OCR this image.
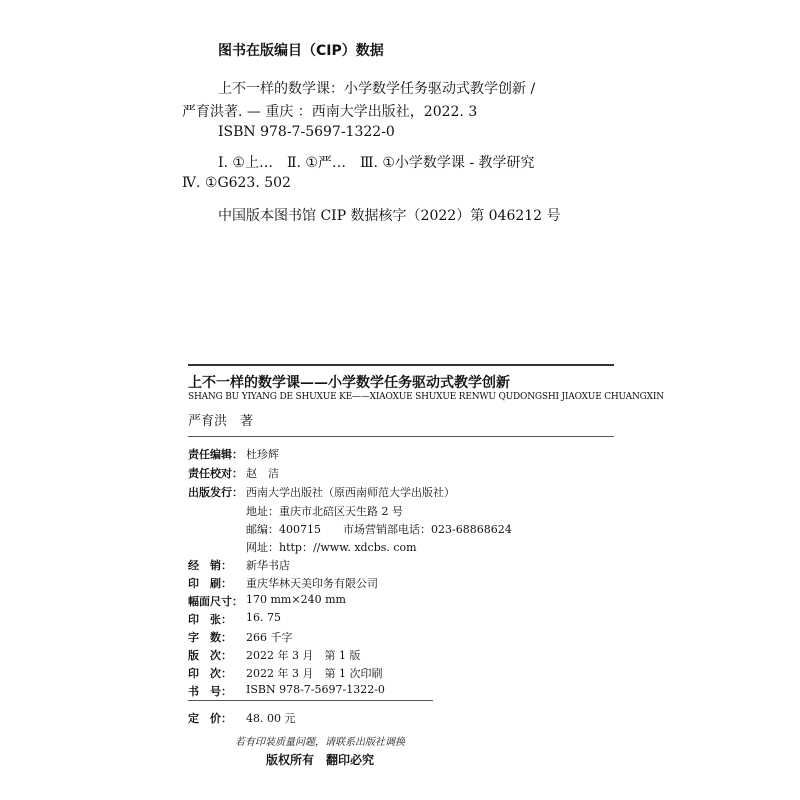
图书在版编目（CIP）数据
上不一样的数学课：小学数学任务驱动式教学创新 /
严育洪著. — 重庆 ：西南大学出版社，2022. 3
ISBN 978-7-5697-1322-0
Ⅰ. ①上…　Ⅱ. ①严…　Ⅲ. ①小学数学课 - 教学研究
Ⅳ. ①G623. 502
中国版本图书馆 CIP 数据核字（2022）第 046212 号
上不一样的数学课——小学数学任务驱动式教学创新
SHANG BU YIYANG DE SHUXUE KE——XIAOXUE SHUXUE RENWU QUDONGSHI JIAOXUE CHUANGXIN
严育洪　著
责任编辑： 杜珍辉
责任校对： 赵　洁
出版发行： 西南大学出版社（原西南师范大学出版社）
地址：重庆市北碚区天生路 2 号
邮编：400715　　市场营销部电话：023-68868624
网址：http：//www. xdcbs. com
经 销： 新华书店
印 刷： 重庆华林天美印务有限公司
幅面尺寸： 170 mm×240 mm
印 张： 16. 75
字 数： 266 千字
版 次： 2022 年 3 月　第 1 版
印 次： 2022 年 3 月　第 1 次印刷
书 号： ISBN 978-7-5697-1322-0
定 价： 48. 00 元
若有印装质量问题，请联系出版社调换
版权所有　翻印必究
